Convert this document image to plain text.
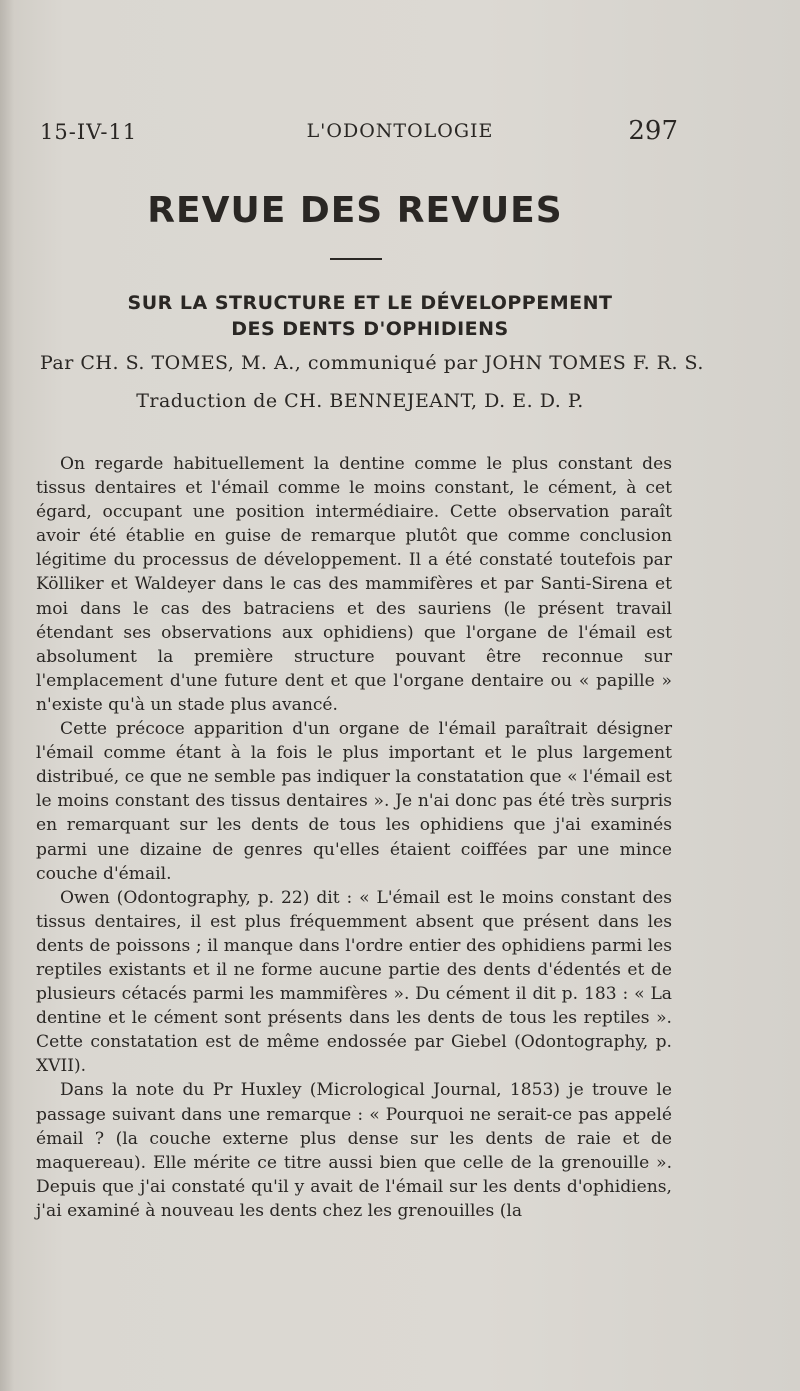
15-IV-11	L'ODONTOLOGIE	297
REVUE DES REVUES
SUR LA STRUCTURE ET LE DÉVELOPPEMENT
DES DENTS D'OPHIDIENS
Par CH. S. TOMES, M. A., communiqué par JOHN TOMES F. R. S.
Traduction de CH. BENNEJEANT, D. E. D. P.

On regarde habituellement la dentine comme le plus constant des tissus dentaires et l'émail comme le moins constant, le cément, à cet égard, occupant une position intermédiaire. Cette observation paraît avoir été établie en guise de remarque plutôt que comme conclusion légitime du processus de développement. Il a été constaté toutefois par Kölliker et Waldeyer dans le cas des mammifères et par Santi-Sirena et moi dans le cas des batraciens et des sauriens (le présent travail étendant ses observations aux ophidiens) que l'organe de l'émail est absolument la première structure pouvant être reconnue sur l'emplacement d'une future dent et que l'organe dentaire ou « papille » n'existe qu'à un stade plus avancé.

Cette précoce apparition d'un organe de l'émail paraîtrait désigner l'émail comme étant à la fois le plus important et le plus largement distribué, ce que ne semble pas indiquer la constatation que « l'émail est le moins constant des tissus dentaires ». Je n'ai donc pas été très surpris en remarquant sur les dents de tous les ophidiens que j'ai examinés parmi une dizaine de genres qu'elles étaient coiffées par une mince couche d'émail.

Owen (Odontography, p. 22) dit : « L'émail est le moins constant des tissus dentaires, il est plus fréquemment absent que présent dans les dents de poissons ; il manque dans l'ordre entier des ophidiens parmi les reptiles existants et il ne forme aucune partie des dents d'édentés et de plusieurs cétacés parmi les mammifères ». Du cément il dit p. 183 : « La dentine et le cément sont présents dans les dents de tous les reptiles ». Cette constatation est de même endossée par Giebel (Odontography, p. XVII).

Dans la note du Pr Huxley (Micrological Journal, 1853) je trouve le passage suivant dans une remarque : « Pourquoi ne serait-ce pas appelé émail ? (la couche externe plus dense sur les dents de raie et de maquereau). Elle mérite ce titre aussi bien que celle de la grenouille ». Depuis que j'ai constaté qu'il y avait de l'émail sur les dents d'ophidiens, j'ai examiné à nouveau les dents chez les grenouilles (la
